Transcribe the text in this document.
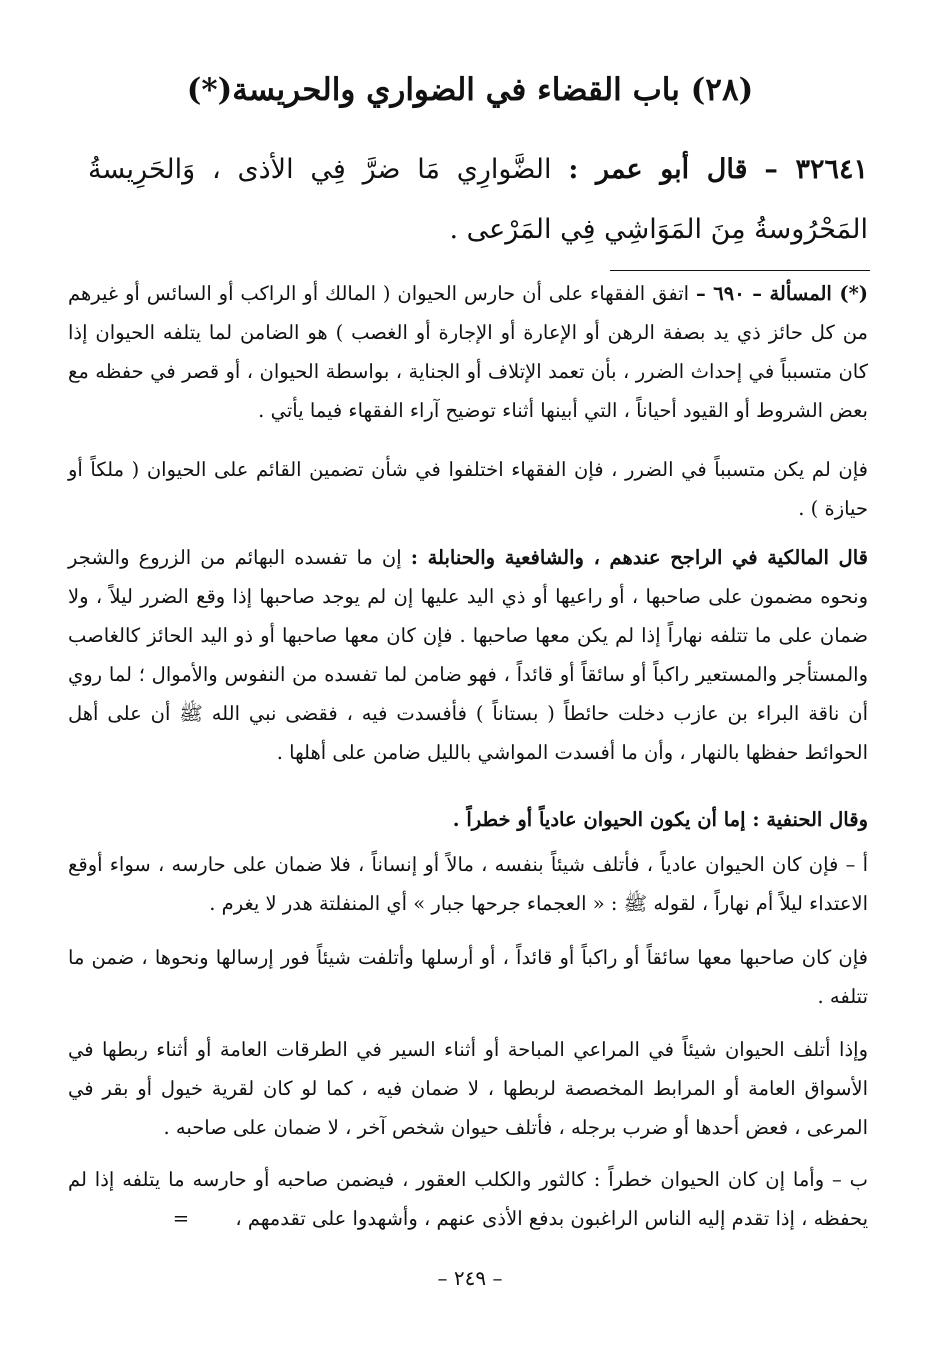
(٢٨) باب القضاء في الضواري والحريسة(*)
٣٢٦٤١ – قال أبو عمر : الضَّوارِي مَا ضرَّ فِي الأذى ، وَالحَرِيسةُ المَحْرُوسةُ مِنَ المَوَاشِي فِي المَرْعى .
(*) المسألة – ٦٩٠ – اتفق الفقهاء على أن حارس الحيوان ( المالك أو الراكب أو السائس أو غيرهم من كل حائز ذي يد بصفة الرهن أو الإعارة أو الإجارة أو الغصب ) هو الضامن لما يتلفه الحيوان إذا كان متسبباً في إحداث الضرر ، بأن تعمد الإتلاف أو الجناية ، بواسطة الحيوان ، أو قصر في حفظه مع بعض الشروط أو القيود أحياناً ، التي أبينها أثناء توضيح آراء الفقهاء فيما يأتي .
فإن لم يكن متسبباً في الضرر ، فإن الفقهاء اختلفوا في شأن تضمين القائم على الحيوان ( ملكاً أو حيازة ) .
قال المالكية في الراجح عندهم ، والشافعية والحنابلة : إن ما تفسده البهائم من الزروع والشجر ونحوه مضمون على صاحبها ، أو راعيها أو ذي اليد عليها إن لم يوجد صاحبها إذا وقع الضرر ليلاً ، ولا ضمان على ما تتلفه نهاراً إذا لم يكن معها صاحبها . فإن كان معها صاحبها أو ذو اليد الحائز كالغاصب والمستأجر والمستعير راكباً أو سائقاً أو قائداً ، فهو ضامن لما تفسده من النفوس والأموال ؛ لما روي أن ناقة البراء بن عازب دخلت حائطاً ( بستاناً ) فأفسدت فيه ، فقضى نبي الله ﷺ أن على أهل الحوائط حفظها بالنهار ، وأن ما أفسدت المواشي بالليل ضامن على أهلها .
وقال الحنفية : إما أن يكون الحيوان عادياً أو خطراً .
أ – فإن كان الحيوان عادياً ، فأتلف شيئاً بنفسه ، مالاً أو إنساناً ، فلا ضمان على حارسه ، سواء أوقع الاعتداء ليلاً أم نهاراً ، لقوله ﷺ : « العجماء جرحها جبار » أي المنفلتة هدر لا يغرم .
فإن كان صاحبها معها سائقاً أو راكباً أو قائداً ، أو أرسلها وأتلفت شيئاً فور إرسالها ونحوها ، ضمن ما تتلفه .
وإذا أتلف الحيوان شيئاً في المراعي المباحة أو أثناء السير في الطرقات العامة أو أثناء ربطها في الأسواق العامة أو المرابط المخصصة لربطها ، لا ضمان فيه ، كما لو كان لقرية خيول أو بقر في المرعى ، فعض أحدها أو ضرب برجله ، فأتلف حيوان شخص آخر ، لا ضمان على صاحبه .
ب – وأما إن كان الحيوان خطراً : كالثور والكلب العقور ، فيضمن صاحبه أو حارسه ما يتلفه إذا لم يحفظه ، إذا تقدم إليه الناس الراغبون بدفع الأذى عنهم ، وأشهدوا على تقدمهم ، =
– ٢٤٩ –
